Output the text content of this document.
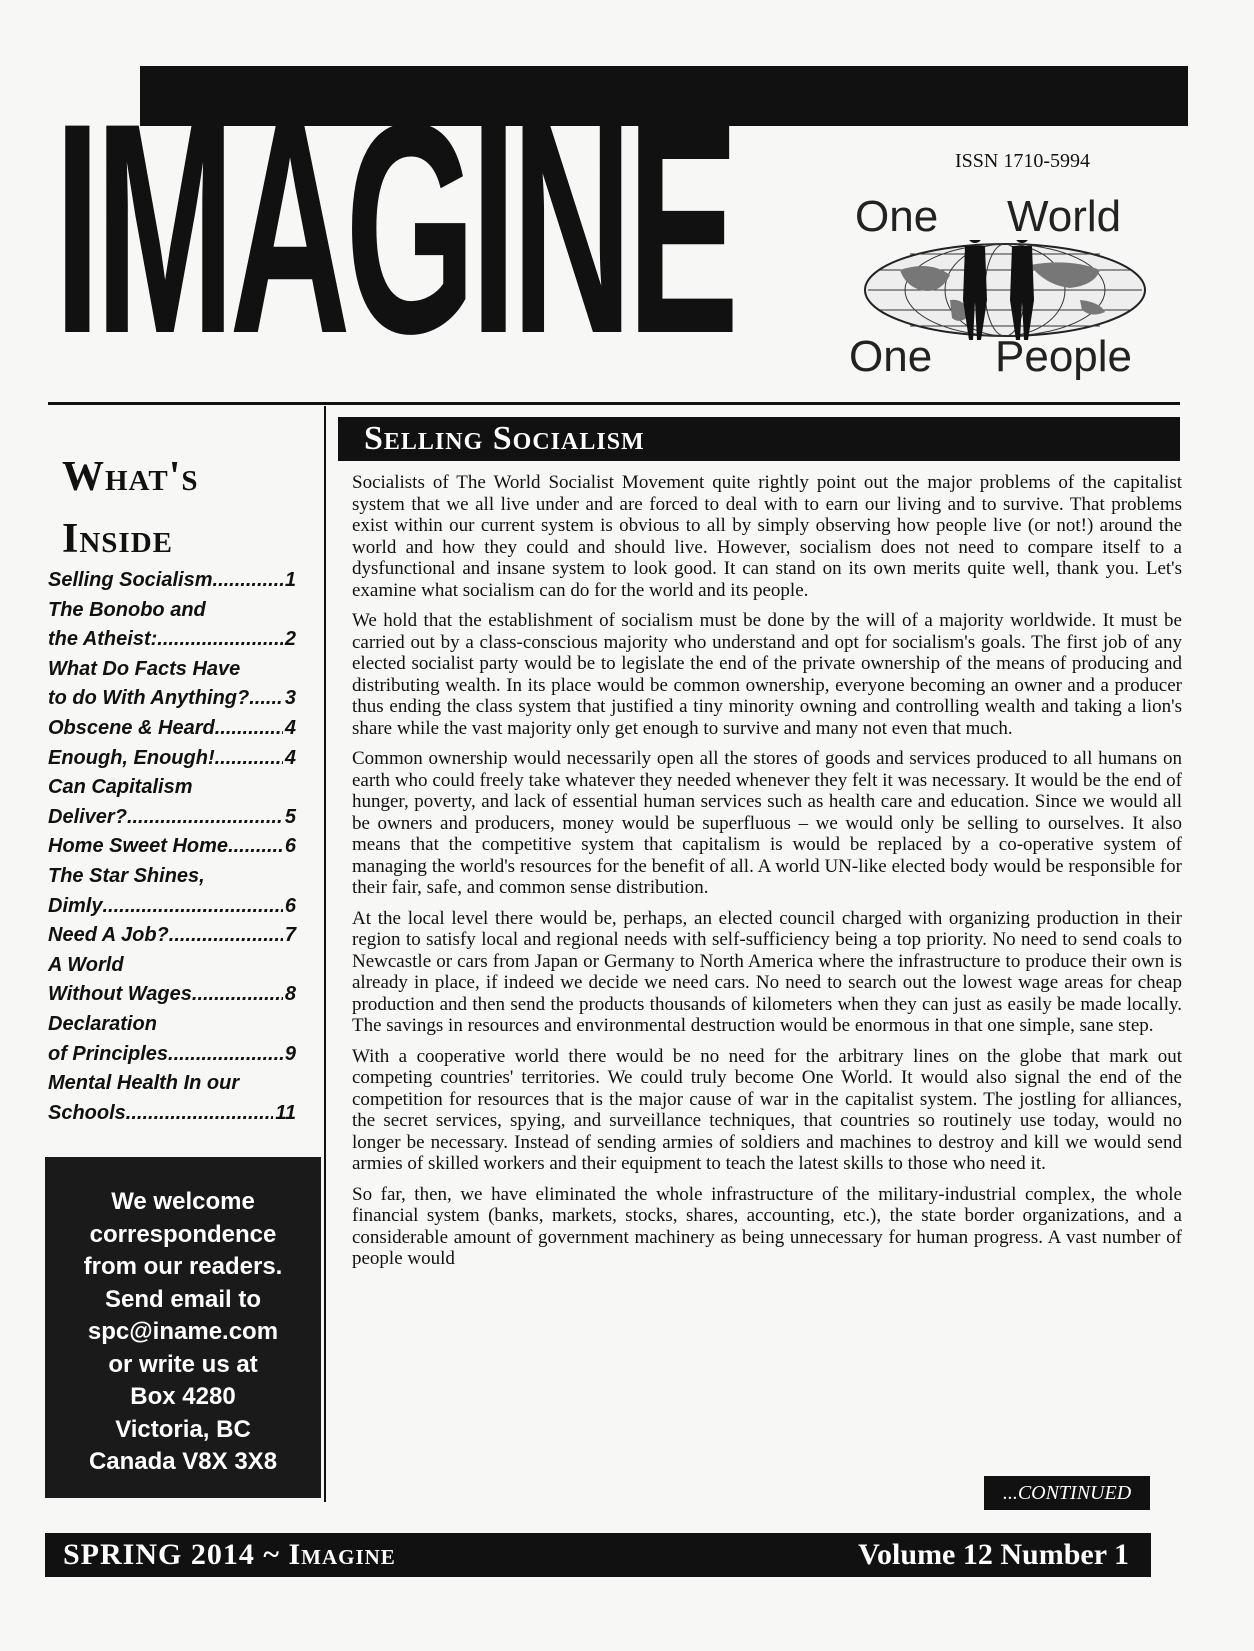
IMAGINE	ISSN 1710-5994
One World
One People
What's
Inside
Selling Socialism .....	1
The Bonobo and
the Atheist: .....	2
What Do Facts Have
to do With Anything? ..... 3
Obscene & Heard .....	4
Enough, Enough! .....	4
Can Capitalism
Deliver? .....	5
Home Sweet Home .....	6
The Star Shines,
Dimly .....	6
Need A Job? .....	7
A World
Without Wages .....	8
Declaration
of Principles .....	9
Mental Health In our
Schools .....	11
We welcome
correspondence
from our readers.
Send email to
spc@iname.com
or write us at
Box 4280
Victoria, BC
Canada V8X 3X8
Selling Socialism

Socialists of The World Socialist Movement quite rightly point out the major problems of the capitalist system that we all live under and are forced to deal with to earn our living and to survive. That problems exist within our current system is obvious to all by simply observing how people live (or not!) around the world and how they could and should live. However, socialism does not need to compare itself to a dysfunctional and insane system to look good. It can stand on its own merits quite well, thank you. Let's examine what socialism can do for the world and its people.

We hold that the establishment of socialism must be done by the will of a majority worldwide. It must be carried out by a class-conscious majority who understand and opt for socialism's goals. The first job of any elected socialist party would be to legislate the end of the private ownership of the means of producing and distributing wealth. In its place would be common ownership, everyone becoming an owner and a producer thus ending the class system that justified a tiny minority owning and controlling wealth and taking a lion's share while the vast majority only get enough to survive and many not even that much.

Common ownership would necessarily open all the stores of goods and services produced to all humans on earth who could freely take whatever they needed whenever they felt it was necessary. It would be the end of hunger, poverty, and lack of essential human services such as health care and education. Since we would all be owners and producers, money would be superfluous – we would only be selling to ourselves. It also means that the competitive system that capitalism is would be replaced by a co-operative system of managing the world's resources for the benefit of all. A world UN-like elected body would be responsible for their fair, safe, and common sense distribution.

At the local level there would be, perhaps, an elected council charged with organizing production in their region to satisfy local and regional needs with self-sufficiency being a top priority. No need to send coals to Newcastle or cars from Japan or Germany to North America where the infrastructure to produce their own is already in place, if indeed we decide we need cars. No need to search out the lowest wage areas for cheap production and then send the products thousands of kilometers when they can just as easily be made locally. The savings in resources and environmental destruction would be enormous in that one simple, sane step.

With a cooperative world there would be no need for the arbitrary lines on the globe that mark out competing countries' territories. We could truly become One World. It would also signal the end of the competition for resources that is the major cause of war in the capitalist system. The jostling for alliances, the secret services, spying, and surveillance techniques, that countries so routinely use today, would no longer be necessary. Instead of sending armies of soldiers and machines to destroy and kill we would send armies of skilled workers and their equipment to teach the latest skills to those who need it.

So far, then, we have eliminated the whole infrastructure of the military-industrial complex, the whole financial system (banks, markets, stocks, shares, accounting, etc.), the state border organizations, and a considerable amount of government machinery as being unnecessary for human progress. A vast number of people would

...CONTINUED
SPRING 2014 ~ Imagine	Volume 12 Number 1
